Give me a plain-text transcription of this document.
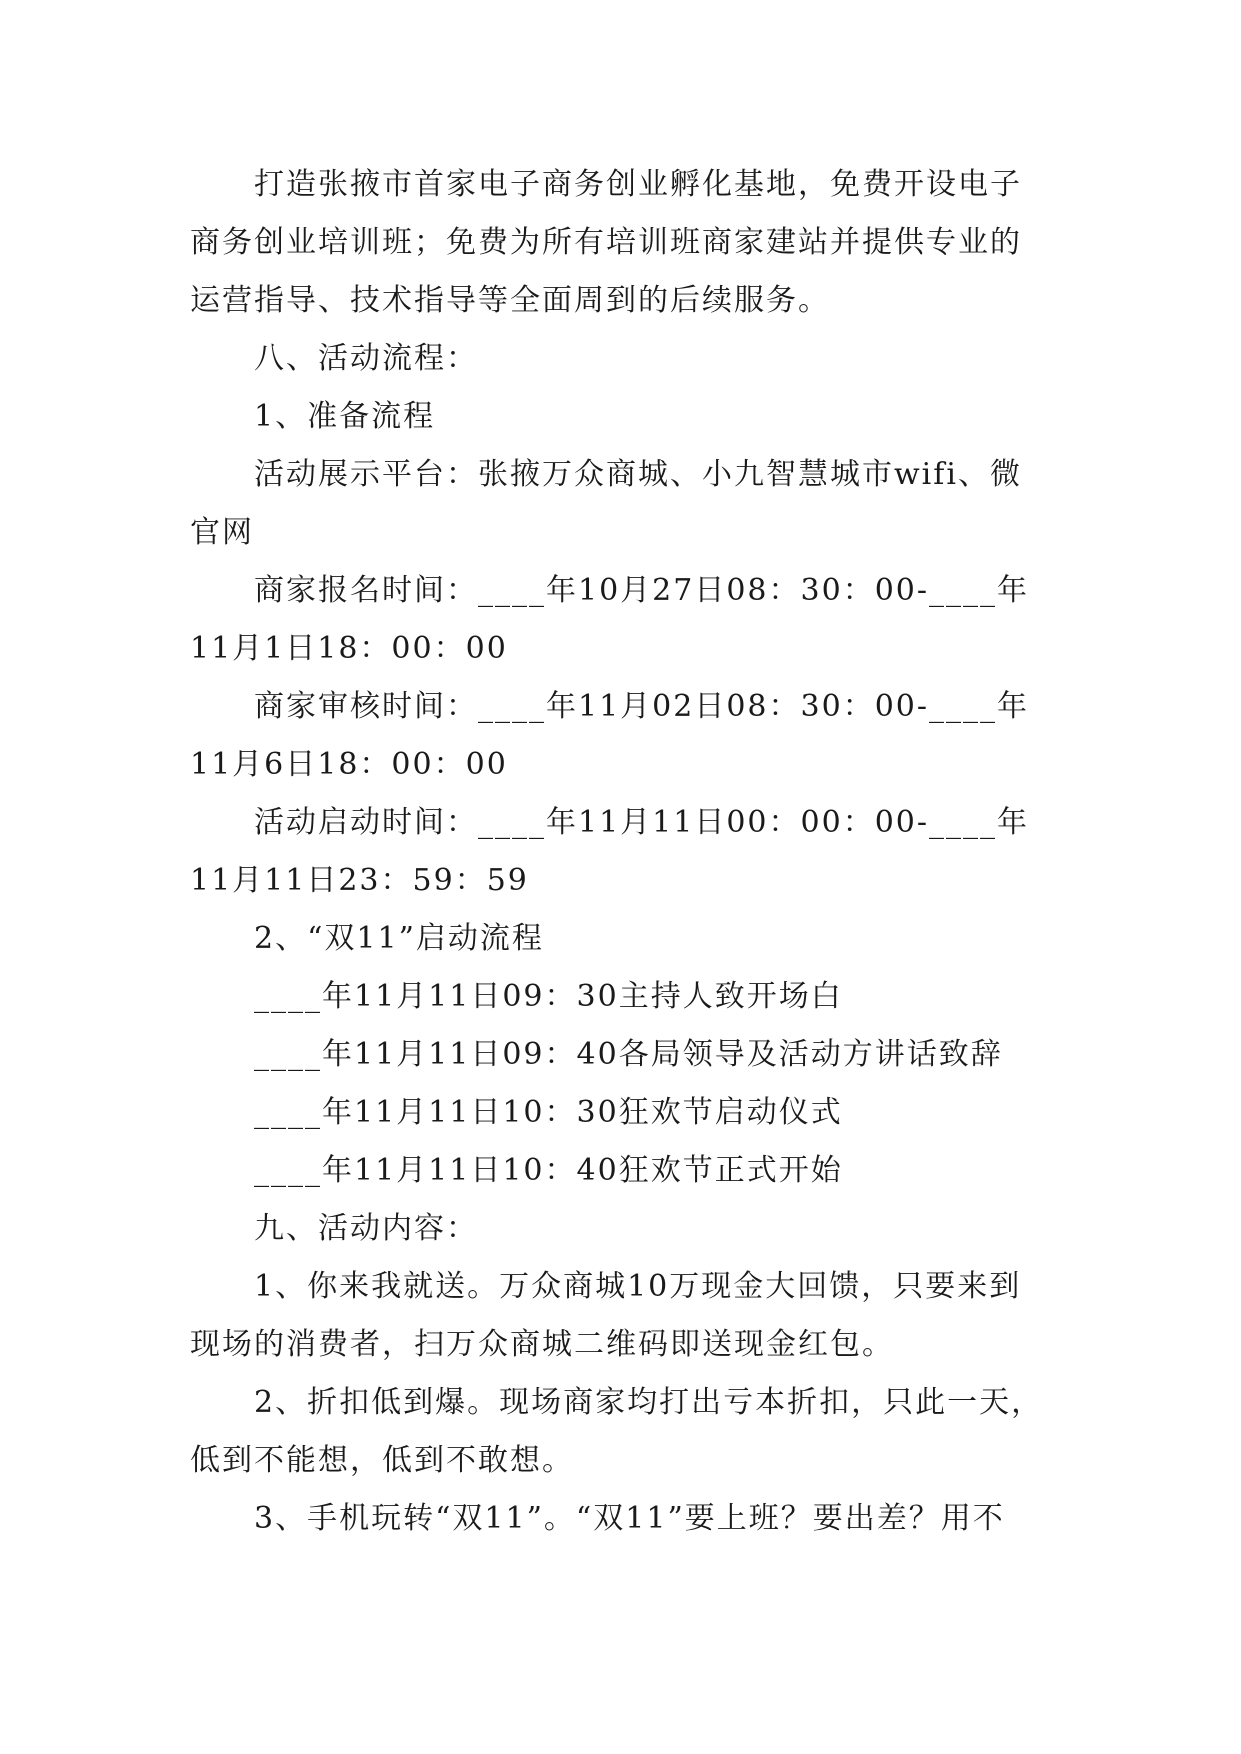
打造张掖市首家电子商务创业孵化基地，免费开设电子商务创业培训班；免费为所有培训班商家建站并提供专业的运营指导、技术指导等全面周到的后续服务。

八、活动流程：

1、准备流程

活动展示平台：张掖万众商城、小九智慧城市wifi、微官网

商家报名时间：____年10月27日08：30：00-____年11月1日18：00：00

商家审核时间：____年11月02日08：30：00-____年11月6日18：00：00

活动启动时间：____年11月11日00：00：00-____年11月11日23：59：59

2、“双11”启动流程

____年11月11日09：30主持人致开场白

____年11月11日09：40各局领导及活动方讲话致辞

____年11月11日10：30狂欢节启动仪式

____年11月11日10：40狂欢节正式开始

九、活动内容：

1、你来我就送。万众商城10万现金大回馈，只要来到现场的消费者，扫万众商城二维码即送现金红包。

2、折扣低到爆。现场商家均打出亏本折扣，只此一天，低到不能想，低到不敢想。

3、手机玩转“双11”。“双11”要上班？要出差？用不
